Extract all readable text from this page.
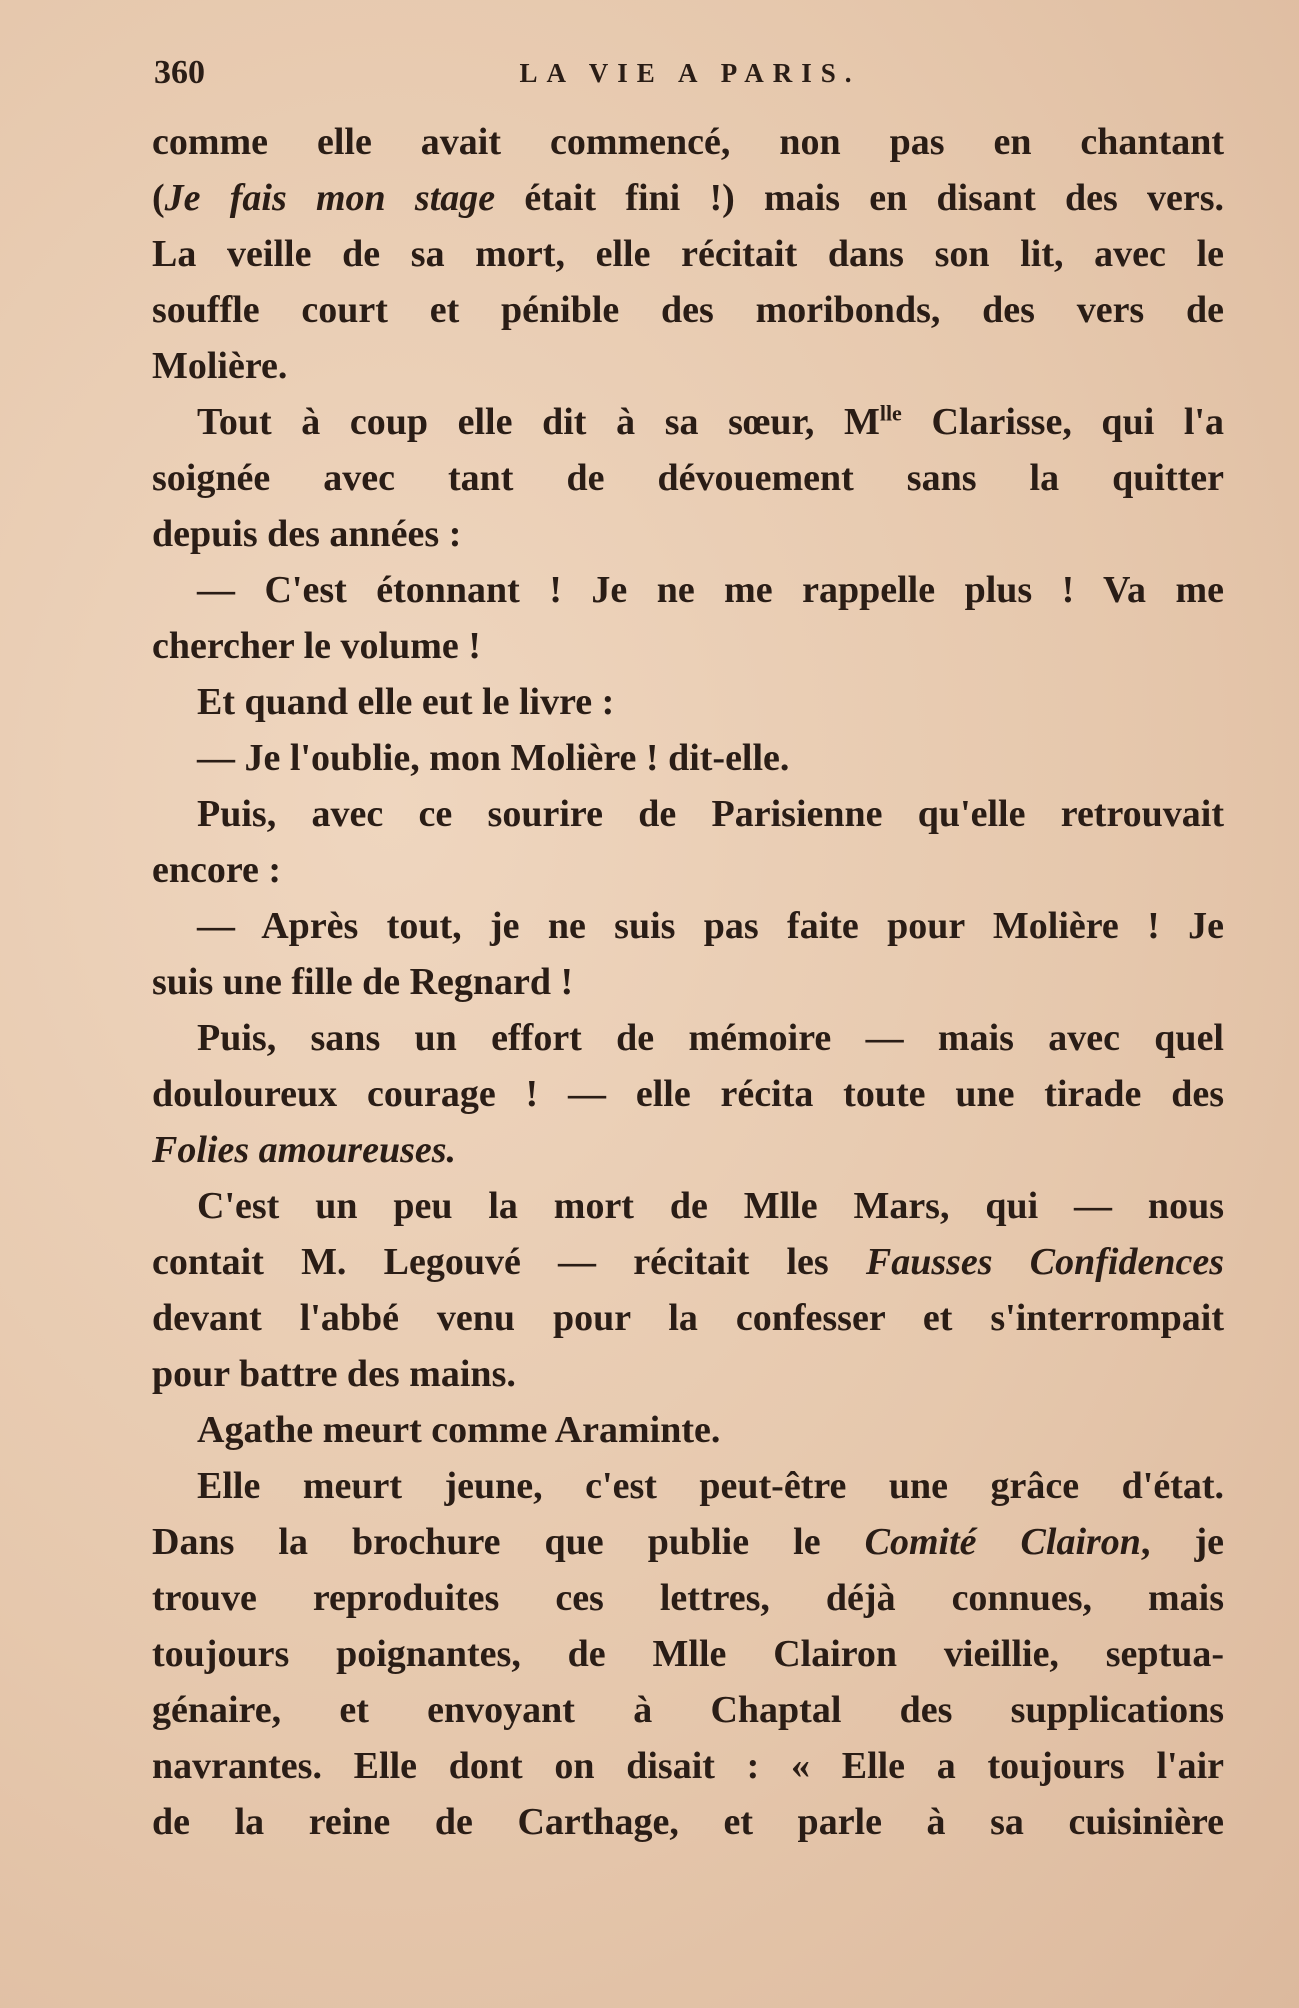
360	LA VIE A PARIS.
comme elle avait commencé, non pas en chantant
(Je fais mon stage était fini !) mais en disant des vers.
La veille de sa mort, elle récitait dans son lit, avec le
souffle court et pénible des moribonds, des vers de
Molière.
Tout à coup elle dit à sa sœur, $M^{lle}$ Clarisse, qui l'a
soignée avec tant de dévouement sans la quitter
depuis des années :
— C'est étonnant ! Je ne me rappelle plus ! Va me
chercher le volume !
Et quand elle eut le livre :
— Je l'oublie, mon Molière ! dit-elle.
Puis, avec ce sourire de Parisienne qu'elle retrouvait
encore :
— Après tout, je ne suis pas faite pour Molière ! Je
suis une fille de Regnard !
Puis, sans un effort de mémoire — mais avec quel
douloureux courage ! — elle récita toute une tirade des
Folies amoureuses.
C'est un peu la mort de Mlle Mars, qui — nous
contait M. Legouvé — récitait les Fausses Confidences
devant l'abbé venu pour la confesser et s'interrompait
pour battre des mains.
Agathe meurt comme Araminte.
Elle meurt jeune, c'est peut-être une grâce d'état.
Dans la brochure que publie le Comité Clairon, je
trouve reproduites ces lettres, déjà connues, mais
toujours poignantes, de Mlle Clairon vieillie, septua-
génaire, et envoyant à Chaptal des supplications
navrantes. Elle dont on disait : « Elle a toujours l'air
de la reine de Carthage, et parle à sa cuisinière
